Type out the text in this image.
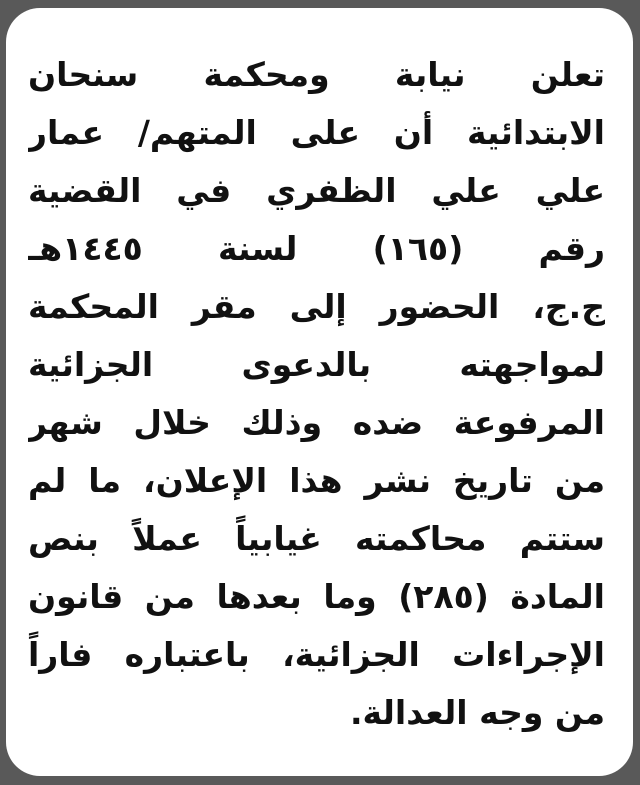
تعلن نيابة ومحكمة سنحان
الابتدائية أن على المتهم/ عمار
علي علي الظفري في القضية
رقم (١٦٥) لسنة ١٤٤٥هـ
ج.ج، الحضور إلى مقر المحكمة
لمواجهته بالدعوى الجزائية
المرفوعة ضده وذلك خلال شهر
من تاريخ نشر هذا الإعلان، ما لم
ستتم محاكمته غيابياً عملاً بنص
المادة (٢٨٥) وما بعدها من قانون
الإجراءات الجزائية، باعتباره فاراً
من وجه العدالة.
